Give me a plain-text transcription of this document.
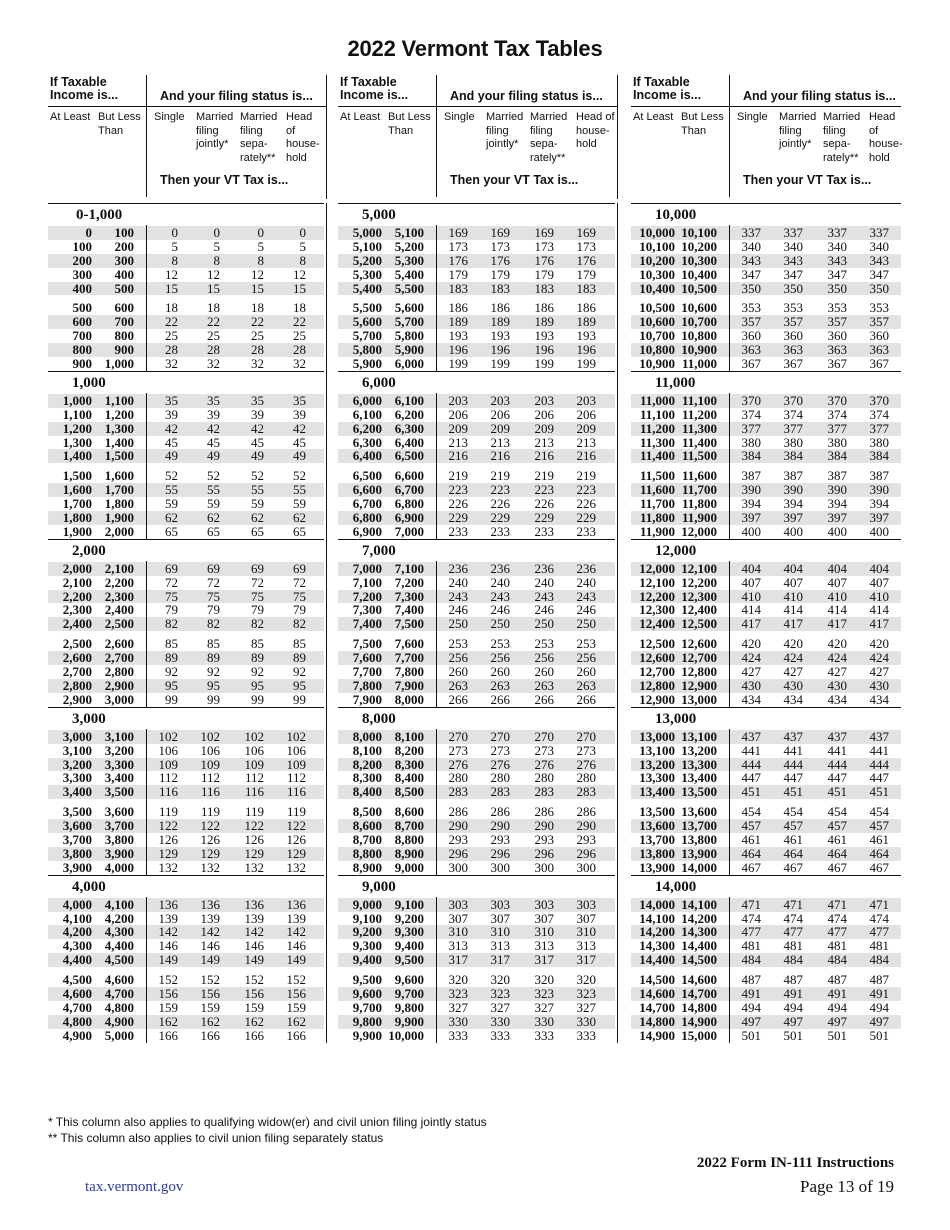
2022 Vermont Tax Tables
If Taxable
Income is...	And your filing status is...
At Least But Less
Than
Single Married
filing
jointly*
Married
filing
sepa-
rately**
Head of
house-
hold
Then your VT Tax is...
0-1,000
0 100	0	0	0	0
100 200	5	5	5	5
200 300	8	8	8	8
300 400 12 12 12 12
400 500 15 15 15 15
500 600 18 18 18 18
600 700 22 22 22 22
700 800 25 25 25 25
800 900 28 28 28 28
900 1,000 32 32 32 32
1,000
1,000 1,100 35 35 35 35
1,100 1,200 39 39 39 39
1,200 1,300 42 42 42 42
1,300 1,400 45 45 45 45
1,400 1,500 49 49 49 49
1,500 1,600 52 52 52 52
1,600 1,700 55 55 55 55
1,700 1,800 59 59 59 59
1,800 1,900 62 62 62 62
1,900 2,000 65 65 65 65
2,000
2,000 2,100 69 69 69 69
2,100 2,200 72 72 72 72
2,200 2,300 75 75 75 75
2,300 2,400 79 79 79 79
2,400 2,500 82 82 82 82
2,500 2,600 85 85 85 85
2,600 2,700 89 89 89 89
2,700 2,800 92 92 92 92
2,800 2,900 95 95 95 95
2,900 3,000 99 99 99 99
3,000
3,000 3,100 102 102 102 102
3,100 3,200 106 106 106 106
3,200 3,300 109 109 109 109
3,300 3,400 112 112 112 112
3,400 3,500 116 116 116 116
3,500 3,600 119 119 119 119
3,600 3,700 122 122 122 122
3,700 3,800 126 126 126 126
3,800 3,900 129 129 129 129
3,900 4,000 132 132 132 132
4,000
4,000 4,100 136 136 136 136
4,100 4,200 139 139 139 139
4,200 4,300 142 142 142 142
4,300 4,400 146 146 146 146
4,400 4,500 149 149 149 149
4,500 4,600 152 152 152 152
4,600 4,700 156 156 156 156
4,700 4,800 159 159 159 159
4,800 4,900 162 162 162 162
4,900 5,000 166 166 166 166
If Taxable
Income is...	And your filing status is...
At Least But Less
Than
Single Married
filing
jointly*
Married
filing
sepa-
rately**
Head of
house-
hold
Then your VT Tax is...
5,000
5,000 5,100 169 169 169 169
5,100 5,200 173 173 173 173
5,200 5,300 176 176 176 176
5,300 5,400 179 179 179 179
5,400 5,500 183 183 183 183
5,500 5,600 186 186 186 186
5,600 5,700 189 189 189 189
5,700 5,800 193 193 193 193
5,800 5,900 196 196 196 196
5,900 6,000 199 199 199 199
6,000
6,000 6,100 203 203 203 203
6,100 6,200 206 206 206 206
6,200 6,300 209 209 209 209
6,300 6,400 213 213 213 213
6,400 6,500 216 216 216 216
6,500 6,600 219 219 219 219
6,600 6,700 223 223 223 223
6,700 6,800 226 226 226 226
6,800 6,900 229 229 229 229
6,900 7,000 233 233 233 233
7,000
7,000 7,100 236 236 236 236
7,100 7,200 240 240 240 240
7,200 7,300 243 243 243 243
7,300 7,400 246 246 246 246
7,400 7,500 250 250 250 250
7,500 7,600 253 253 253 253
7,600 7,700 256 256 256 256
7,700 7,800 260 260 260 260
7,800 7,900 263 263 263 263
7,900 8,000 266 266 266 266
8,000
8,000 8,100 270 270 270 270
8,100 8,200 273 273 273 273
8,200 8,300 276 276 276 276
8,300 8,400 280 280 280 280
8,400 8,500 283 283 283 283
8,500 8,600 286 286 286 286
8,600 8,700 290 290 290 290
8,700 8,800 293 293 293 293
8,800 8,900 296 296 296 296
8,900 9,000 300 300 300 300
9,000
9,000 9,100 303 303 303 303
9,100 9,200 307 307 307 307
9,200 9,300 310 310 310 310
9,300 9,400 313 313 313 313
9,400 9,500 317 317 317 317
9,500 9,600 320 320 320 320
9,600 9,700 323 323 323 323
9,700 9,800 327 327 327 327
9,800 9,900 330 330 330 330
9,900 10,000 333 333 333 333
If Taxable
Income is...	And your filing status is...
At Least But Less
Than
Single Married
filing
jointly*
Married
filing
sepa-
rately**
Head of
house-
hold
Then your VT Tax is...
10,000
10,000 10,100 337 337 337 337
10,100 10,200 340 340 340 340
10,200 10,300 343 343 343 343
10,300 10,400 347 347 347 347
10,400 10,500 350 350 350 350
10,500 10,600 353 353 353 353
10,600 10,700 357 357 357 357
10,700 10,800 360 360 360 360
10,800 10,900 363 363 363 363
10,900 11,000 367 367 367 367
11,000
11,000 11,100 370 370 370 370
11,100 11,200 374 374 374 374
11,200 11,300 377 377 377 377
11,300 11,400 380 380 380 380
11,400 11,500 384 384 384 384
11,500 11,600 387 387 387 387
11,600 11,700 390 390 390 390
11,700 11,800 394 394 394 394
11,800 11,900 397 397 397 397
11,900 12,000 400 400 400 400
12,000
12,000 12,100 404 404 404 404
12,100 12,200 407 407 407 407
12,200 12,300 410 410 410 410
12,300 12,400 414 414 414 414
12,400 12,500 417 417 417 417
12,500 12,600 420 420 420 420
12,600 12,700 424 424 424 424
12,700 12,800 427 427 427 427
12,800 12,900 430 430 430 430
12,900 13,000 434 434 434 434
13,000
13,000 13,100 437 437 437 437
13,100 13,200 441 441 441 441
13,200 13,300 444 444 444 444
13,300 13,400 447 447 447 447
13,400 13,500 451 451 451 451
13,500 13,600 454 454 454 454
13,600 13,700 457 457 457 457
13,700 13,800 461 461 461 461
13,800 13,900 464 464 464 464
13,900 14,000 467 467 467 467
14,000
14,000 14,100 471 471 471 471
14,100 14,200 474 474 474 474
14,200 14,300 477 477 477 477
14,300 14,400 481 481 481 481
14,400 14,500 484 484 484 484
14,500 14,600 487 487 487 487
14,600 14,700 491 491 491 491
14,700 14,800 494 494 494 494
14,800 14,900 497 497 497 497
14,900 15,000 501 501 501 501
* This column also applies to qualifying widow(er) and civil union filing jointly status
** This column also applies to civil union filing separately status
2022 Form IN-111 Instructions
Page 13 of 19
tax.vermont.gov
